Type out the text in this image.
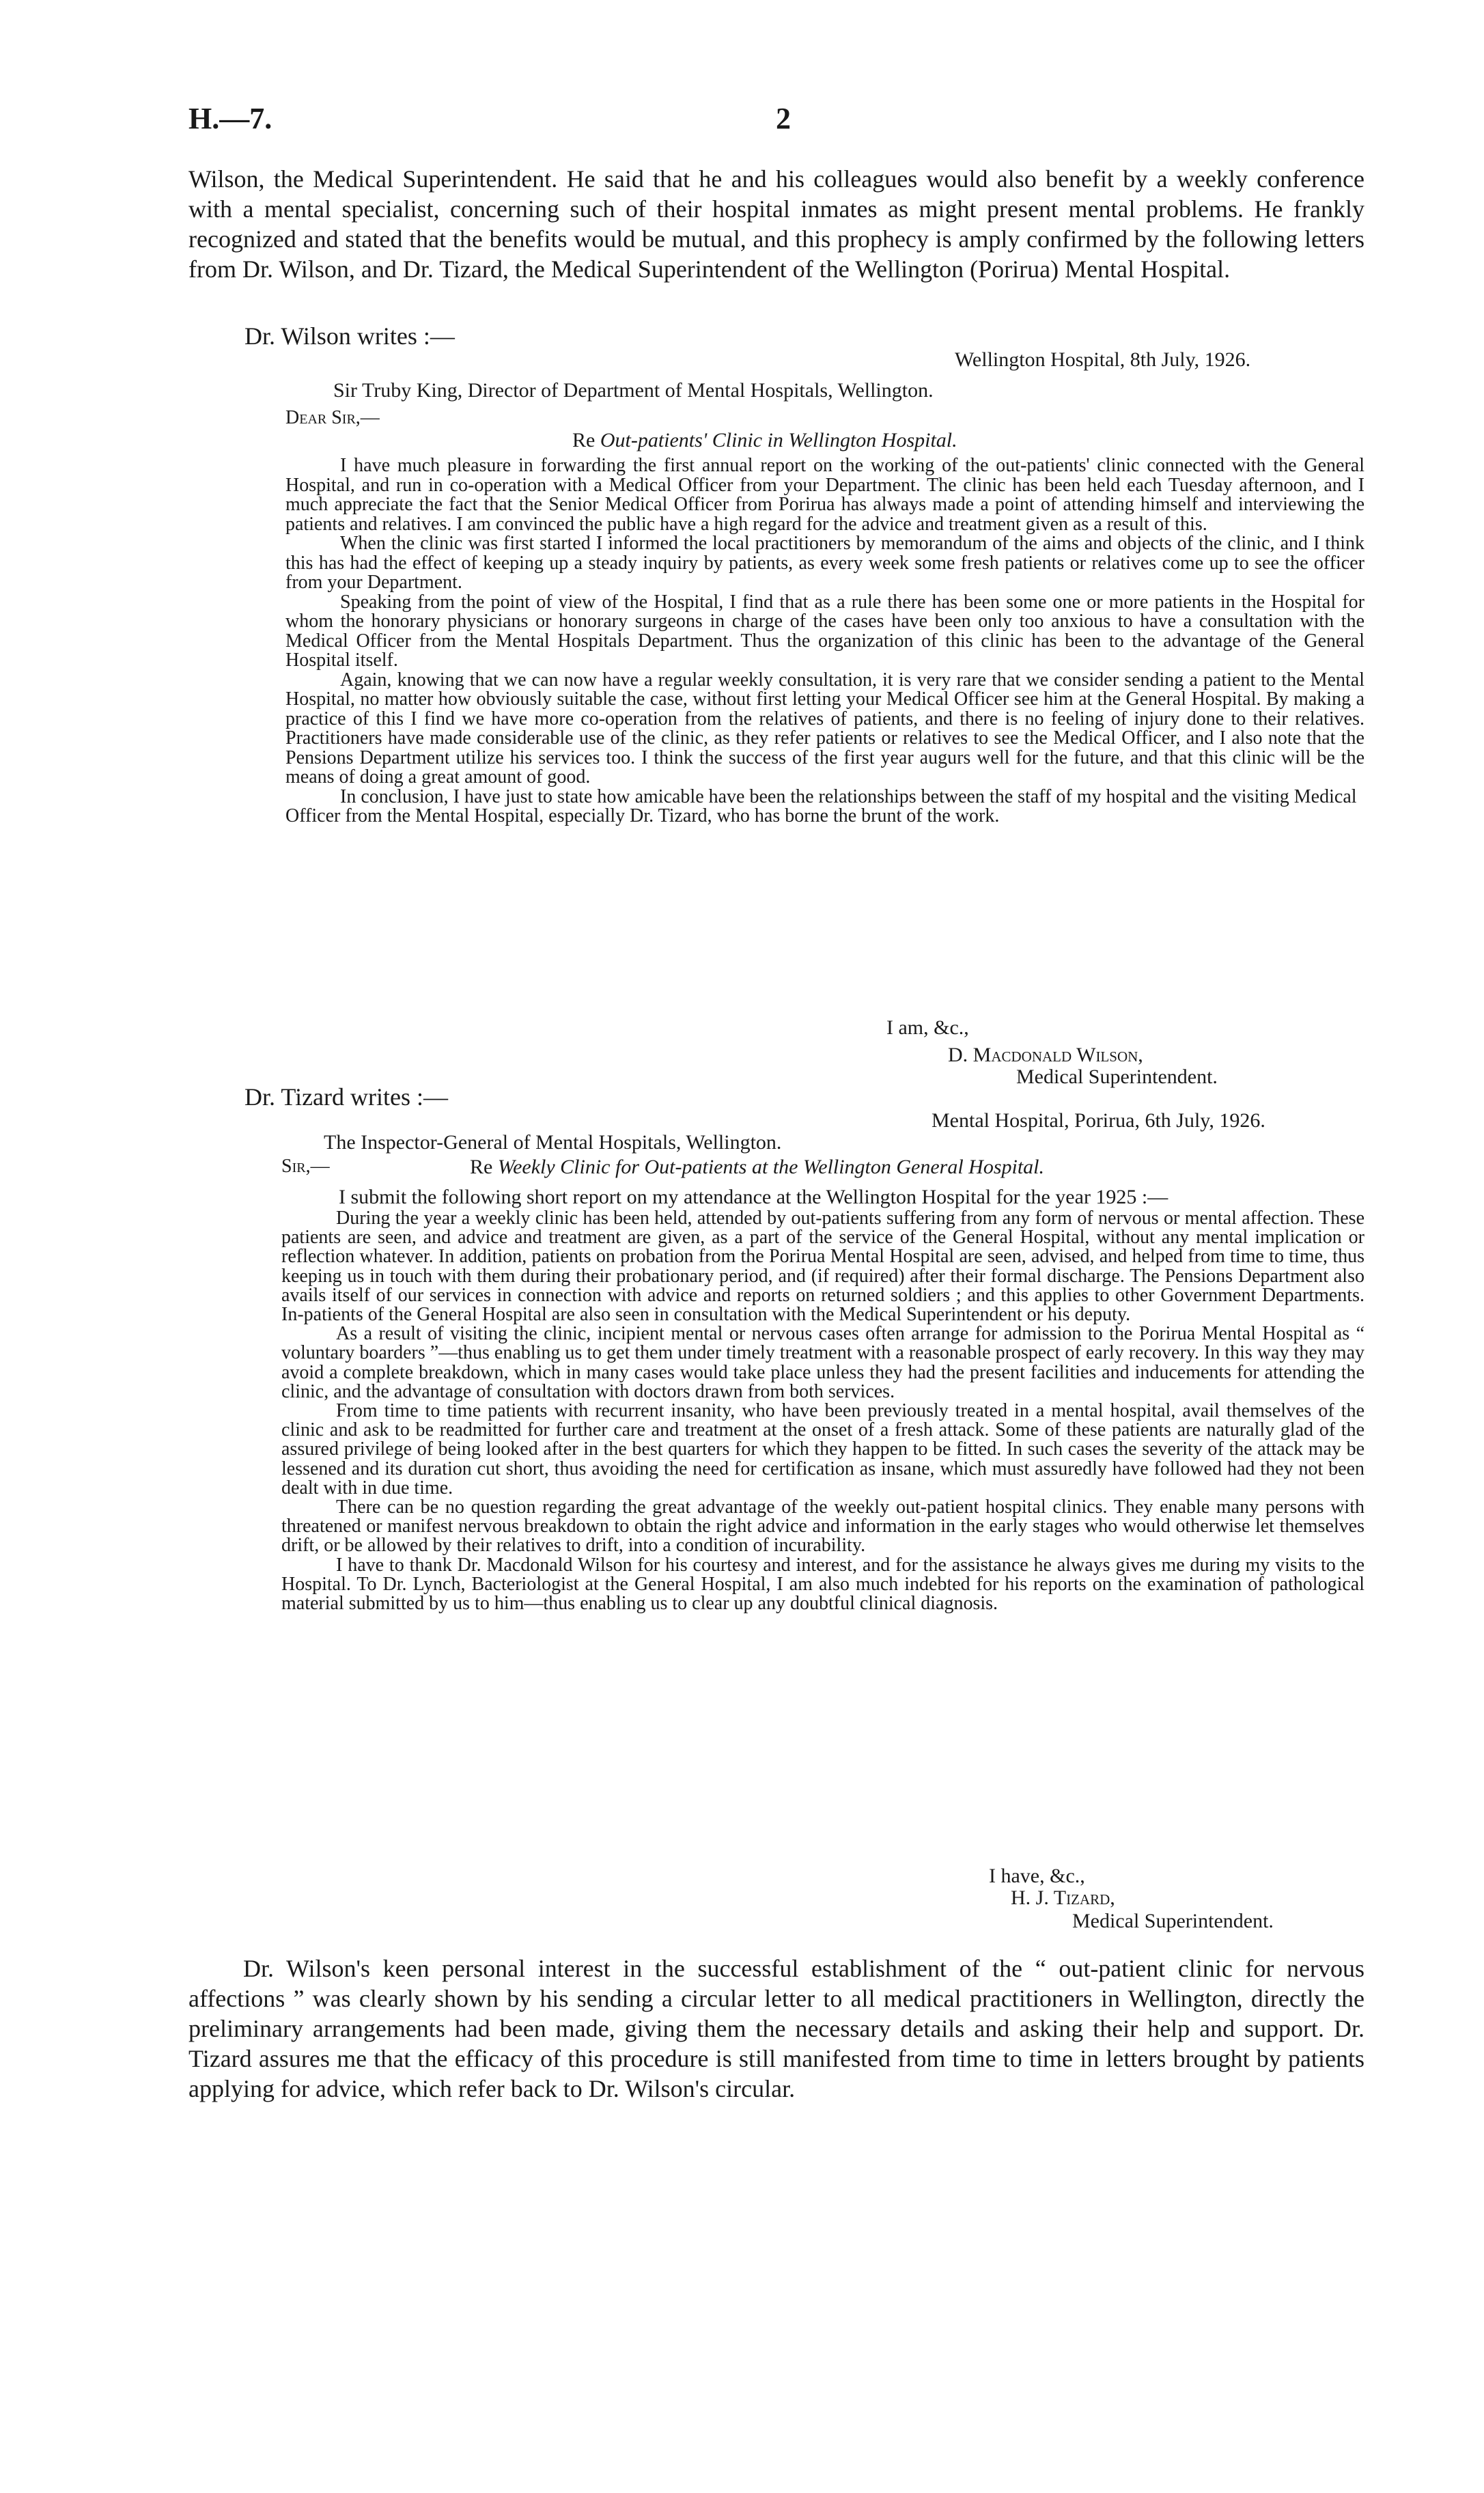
H.—7.	2
Wilson, the Medical Superintendent. He said that he and his colleagues would also benefit by a weekly conference with a mental specialist, concerning such of their hospital inmates as might present mental problems. He frankly recognized and stated that the benefits would be mutual, and this prophecy is amply confirmed by the following letters from Dr. Wilson, and Dr. Tizard, the Medical Superintendent of the Wellington (Porirua) Mental Hospital.
Dr. Wilson writes :—
Wellington Hospital, 8th July, 1926.
Sir Truby King, Director of Department of Mental Hospitals, Wellington.
Dear Sir,—
Re Out-patients' Clinic in Wellington Hospital.

I have much pleasure in forwarding the first annual report on the working of the out-patients' clinic connected with the General Hospital, and run in co-operation with a Medical Officer from your Department. The clinic has been held each Tuesday afternoon, and I much appreciate the fact that the Senior Medical Officer from Porirua has always made a point of attending himself and interviewing the patients and relatives. I am convinced the public have a high regard for the advice and treatment given as a result of this.

When the clinic was first started I informed the local practitioners by memorandum of the aims and objects of the clinic, and I think this has had the effect of keeping up a steady inquiry by patients, as every week some fresh patients or relatives come up to see the officer from your Department.

Speaking from the point of view of the Hospital, I find that as a rule there has been some one or more patients in the Hospital for whom the honorary physicians or honorary surgeons in charge of the cases have been only too anxious to have a consultation with the Medical Officer from the Mental Hospitals Department. Thus the organization of this clinic has been to the advantage of the General Hospital itself.

Again, knowing that we can now have a regular weekly consultation, it is very rare that we consider sending a patient to the Mental Hospital, no matter how obviously suitable the case, without first letting your Medical Officer see him at the General Hospital. By making a practice of this I find we have more co-operation from the relatives of patients, and there is no feeling of injury done to their relatives. Practitioners have made considerable use of the clinic, as they refer patients or relatives to see the Medical Officer, and I also note that the Pensions Department utilize his services too. I think the success of the first year augurs well for the future, and that this clinic will be the means of doing a great amount of good.

In conclusion, I have just to state how amicable have been the relationships between the staff of my hospital and the visiting Medical Officer from the Mental Hospital, especially Dr. Tizard, who has borne the brunt of the work.

I am, &c.,
D. Macdonald Wilson,
Medical Superintendent.
Dr. Tizard writes :—
Mental Hospital, Porirua, 6th July, 1926.
The Inspector-General of Mental Hospitals, Wellington.
Sir,—	Re Weekly Clinic for Out-patients at the Wellington General Hospital.
I submit the following short report on my attendance at the Wellington Hospital for the year 1925 :—

During the year a weekly clinic has been held, attended by out-patients suffering from any form of nervous or mental affection. These patients are seen, and advice and treatment are given, as a part of the service of the General Hospital, without any mental implication or reflection whatever. In addition, patients on probation from the Porirua Mental Hospital are seen, advised, and helped from time to time, thus keeping us in touch with them during their probationary period, and (if required) after their formal discharge. The Pensions Department also avails itself of our services in connection with advice and reports on returned soldiers ; and this applies to other Government Departments. In-patients of the General Hospital are also seen in consultation with the Medical Superintendent or his deputy.

As a result of visiting the clinic, incipient mental or nervous cases often arrange for admission to the Porirua Mental Hospital as “ voluntary boarders ”—thus enabling us to get them under timely treatment with a reasonable prospect of early recovery. In this way they may avoid a complete breakdown, which in many cases would take place unless they had the present facilities and inducements for attending the clinic, and the advantage of consultation with doctors drawn from both services.

From time to time patients with recurrent insanity, who have been previously treated in a mental hospital, avail themselves of the clinic and ask to be readmitted for further care and treatment at the onset of a fresh attack. Some of these patients are naturally glad of the assured privilege of being looked after in the best quarters for which they happen to be fitted. In such cases the severity of the attack may be lessened and its duration cut short, thus avoiding the need for certification as insane, which must assuredly have followed had they not been dealt with in due time.

There can be no question regarding the great advantage of the weekly out-patient hospital clinics. They enable many persons with threatened or manifest nervous breakdown to obtain the right advice and information in the early stages who would otherwise let themselves drift, or be allowed by their relatives to drift, into a condition of incurability.

I have to thank Dr. Macdonald Wilson for his courtesy and interest, and for the assistance he always gives me during my visits to the Hospital. To Dr. Lynch, Bacteriologist at the General Hospital, I am also much indebted for his reports on the examination of pathological material submitted by us to him—thus enabling us to clear up any doubtful clinical diagnosis.

I have, &c.,
H. J. Tizard,
Medical Superintendent.
Dr. Wilson's keen personal interest in the successful establishment of the “ out-patient clinic for nervous affections ” was clearly shown by his sending a circular letter to all medical practitioners in Wellington, directly the preliminary arrangements had been made, giving them the necessary details and asking their help and support. Dr. Tizard assures me that the efficacy of this procedure is still manifested from time to time in letters brought by patients applying for advice, which refer back to Dr. Wilson's circular.
